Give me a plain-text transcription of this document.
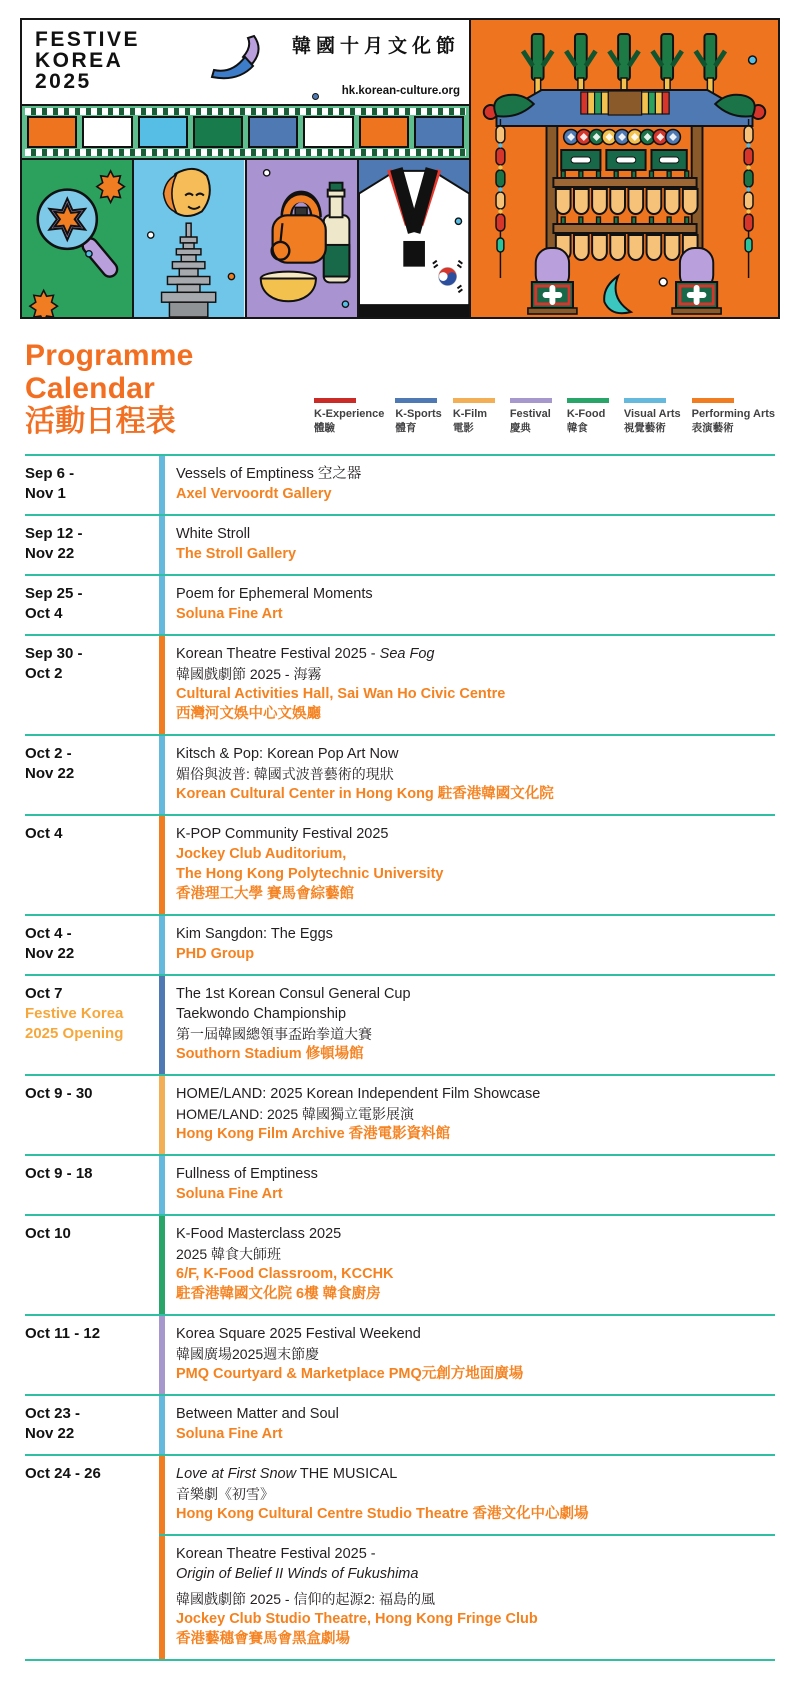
FESTIVE
KOREA
2025
韓國十月文化節
hk.korean-culture.org
Programme Calendar
活動日程表	K-Experience
體驗
K-Sports
體育
K-Film
電影
Festival
慶典
K-Food
韓食
Visual Arts
視覺藝術
Performing Arts
表演藝術
Sep 6 -
Nov 1
Vessels of Emptiness 空之器
Axel Vervoordt Gallery
Sep 12 -
Nov 22
White Stroll
The Stroll Gallery
Sep 25 -
Oct 4
Poem for Ephemeral Moments
Soluna Fine Art
Sep 30 -
Oct 2
Korean Theatre Festival 2025 - Sea Fog
韓國戲劇節 2025 - 海霧
Cultural Activities Hall, Sai Wan Ho Civic Centre
西灣河文娛中心文娛廳
Oct 2 -
Nov 22
Kitsch & Pop: Korean Pop Art Now
媚俗與波普: 韓國式波普藝術的現狀
Korean Cultural Center in Hong Kong 駐香港韓國文化院
Oct 4	K-POP Community Festival 2025
Jockey Club Auditorium,
The Hong Kong Polytechnic University
香港理工大學 賽馬會綜藝館
Oct 4 -
Nov 22
Kim Sangdon: The Eggs
PHD Group
Oct 7
Festive Korea
2025 Opening
The 1st Korean Consul General Cup
Taekwondo Championship
第一屆韓國總領事盃跆拳道大賽
Southorn Stadium 修頓場館
Oct 9 - 30	HOME/LAND: 2025 Korean Independent Film Showcase
HOME/LAND: 2025 韓國獨立電影展演
Hong Kong Film Archive 香港電影資料館
Oct 9 - 18	Fullness of Emptiness
Soluna Fine Art
Oct 10	K-Food Masterclass 2025
2025 韓食大師班
6/F, K-Food Classroom, KCCHK
駐香港韓國文化院 6樓 韓食廚房
Oct 11 - 12	Korea Square 2025 Festival Weekend
韓國廣場2025週末節慶
PMQ Courtyard & Marketplace PMQ元創方地面廣場
Oct 23 -
Nov 22
Between Matter and Soul
Soluna Fine Art
Oct 24 - 26	Love at First Snow THE MUSICAL
音樂劇《初雪》
Hong Kong Cultural Centre Studio Theatre 香港文化中心劇場
Korean Theatre Festival 2025 -
Origin of Belief II Winds of Fukushima
韓國戲劇節 2025 - 信仰的起源2: 福島的風
Jockey Club Studio Theatre, Hong Kong Fringe Club
香港藝穗會賽馬會黑盒劇場
